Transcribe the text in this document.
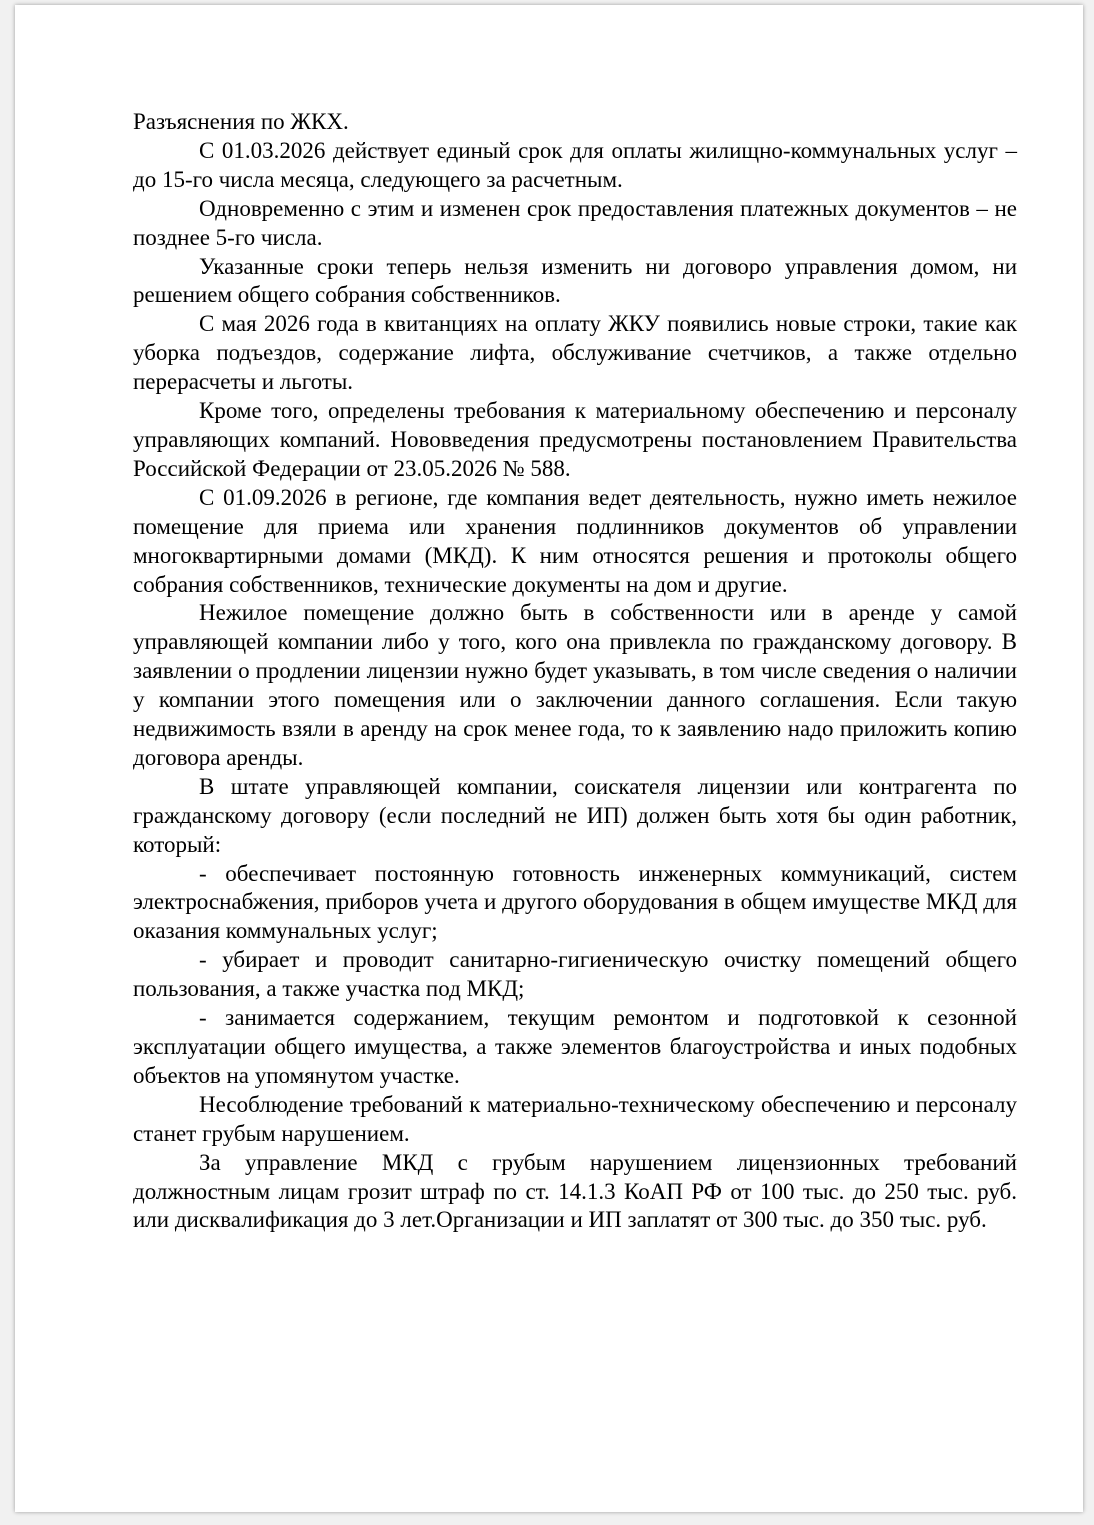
Разъяснения по ЖКХ.

С 01.03.2026 действует единый срок для оплаты жилищно-коммунальных услуг – до 15-го числа месяца, следующего за расчетным.

Одновременно с этим и изменен срок предоставления платежных документов – не позднее 5-го числа.

Указанные сроки теперь нельзя изменить ни договоро управления домом, ни решением общего собрания собственников.

С мая 2026 года в квитанциях на оплату ЖКУ появились новые строки, такие как уборка подъездов, содержание лифта, обслуживание счетчиков, а также отдельно перерасчеты и льготы.

Кроме того, определены требования к материальному обеспечению и персоналу управляющих компаний. Нововведения предусмотрены постановлением Правительства Российской Федерации от 23.05.2026 № 588.

С 01.09.2026 в регионе, где компания ведет деятельность, нужно иметь нежилое помещение для приема или хранения подлинников документов об управлении многоквартирными домами (МКД). К ним относятся решения и протоколы общего собрания собственников, технические документы на дом и другие.

Нежилое помещение должно быть в собственности или в аренде у самой управляющей компании либо у того, кого она привлекла по гражданскому договору. В заявлении о продлении лицензии нужно будет указывать, в том числе сведения о наличии у компании этого помещения или о заключении данного соглашения. Если такую недвижимость взяли в аренду на срок менее года, то к заявлению надо приложить копию договора аренды.

В штате управляющей компании, соискателя лицензии или контрагента по гражданскому договору (если последний не ИП) должен быть хотя бы один работник, который:

- обеспечивает постоянную готовность инженерных коммуникаций, систем электроснабжения, приборов учета и другого оборудования в общем имуществе МКД для оказания коммунальных услуг;

- убирает и проводит санитарно-гигиеническую очистку помещений общего пользования, а также участка под МКД;

- занимается содержанием, текущим ремонтом и подготовкой к сезонной эксплуатации общего имущества, а также элементов благоустройства и иных подобных объектов на упомянутом участке.

Несоблюдение требований к материально-техническому обеспечению и персоналу станет грубым нарушением.

За управление МКД с грубым нарушением лицензионных требований должностным лицам грозит штраф по ст. 14.1.3 КоАП РФ от 100 тыс. до 250 тыс. руб. или дисквалификация до 3 лет.Организации и ИП заплатят от 300 тыс. до 350 тыс. руб.
